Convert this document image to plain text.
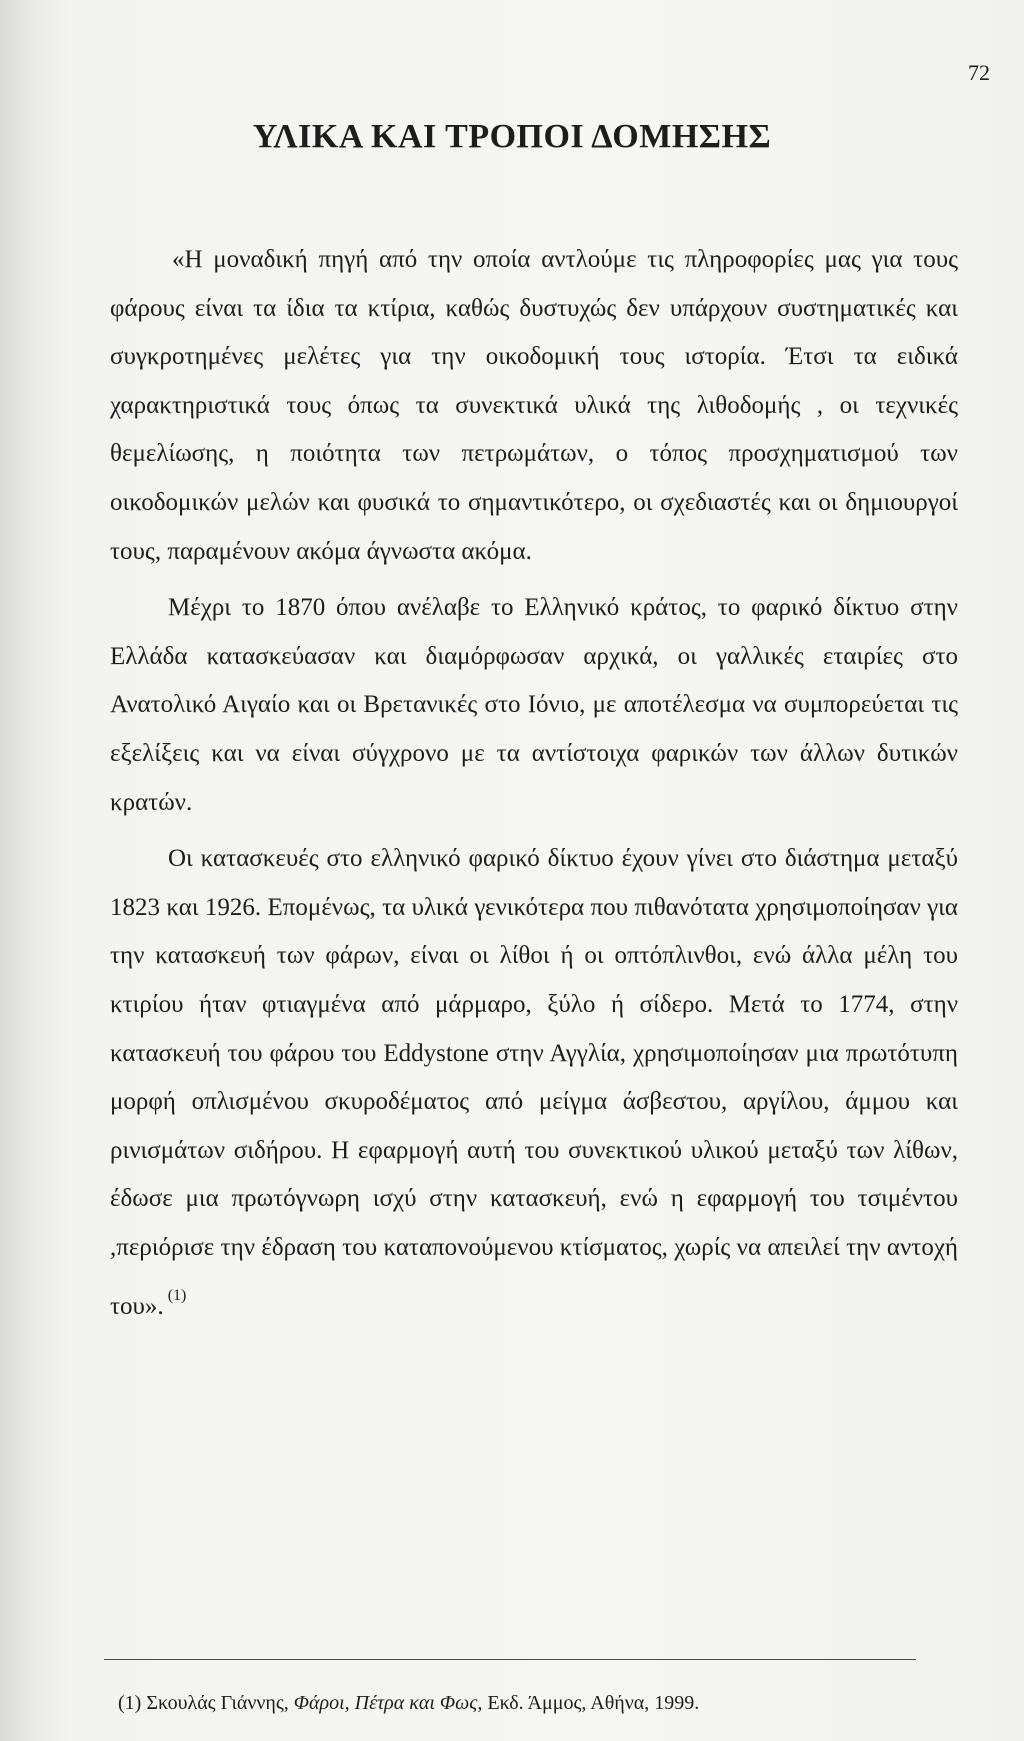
72
ΥΛΙΚΑ ΚΑΙ ΤΡΟΠΟΙ ΔΟΜΗΣΗΣ

«Η μοναδική πηγή από την οποία αντλούμε τις πληροφορίες μας για τους φάρους είναι τα ίδια τα κτίρια, καθώς δυστυχώς δεν υπάρχουν συστηματικές και συγκροτημένες μελέτες για την οικοδομική τους ιστορία. Έτσι τα ειδικά χαρακτηριστικά τους όπως τα συνεκτικά υλικά της λιθοδομής , οι τεχνικές θεμελίωσης, η ποιότητα των πετρωμάτων, ο τόπος προσχηματισμού των οικοδομικών μελών και φυσικά το σημαντικότερο, οι σχεδιαστές και οι δημιουργοί τους, παραμένουν ακόμα άγνωστα ακόμα.

Μέχρι το 1870 όπου ανέλαβε το Ελληνικό κράτος, το φαρικό δίκτυο στην Ελλάδα κατασκεύασαν και διαμόρφωσαν αρχικά, οι γαλλικές εταιρίες στο Ανατολικό Αιγαίο και οι Βρετανικές στο Ιόνιο, με αποτέλεσμα να συμπορεύεται τις εξελίξεις και να είναι σύγχρονο με τα αντίστοιχα φαρικών των άλλων δυτικών κρατών.

Οι κατασκευές στο ελληνικό φαρικό δίκτυο έχουν γίνει στο διάστημα μεταξύ 1823 και 1926. Επομένως, τα υλικά γενικότερα που πιθανότατα χρησιμοποίησαν για την κατασκευή των φάρων, είναι οι λίθοι ή οι οπτόπλινθοι, ενώ άλλα μέλη του κτιρίου ήταν φτιαγμένα από μάρμαρο, ξύλο ή σίδερο. Μετά το 1774, στην κατασκευή του φάρου του Eddystone στην Αγγλία, χρησιμοποίησαν μια πρωτότυπη μορφή οπλισμένου σκυροδέματος από μείγμα άσβεστου, αργίλου, άμμου και ρινισμάτων σιδήρου. Η εφαρμογή αυτή του συνεκτικού υλικού μεταξύ των λίθων, έδωσε μια πρωτόγνωρη ισχύ στην κατασκευή, ενώ η εφαρμογή του τσιμέντου ,περιόρισε την έδραση του καταπονούμενου κτίσματος, χωρίς να απειλεί την αντοχή του». $^{(1)}$

(1) Σκουλάς Γιάννης, Φάροι, Πέτρα και Φως, Εκδ. Άμμος, Αθήνα, 1999.
